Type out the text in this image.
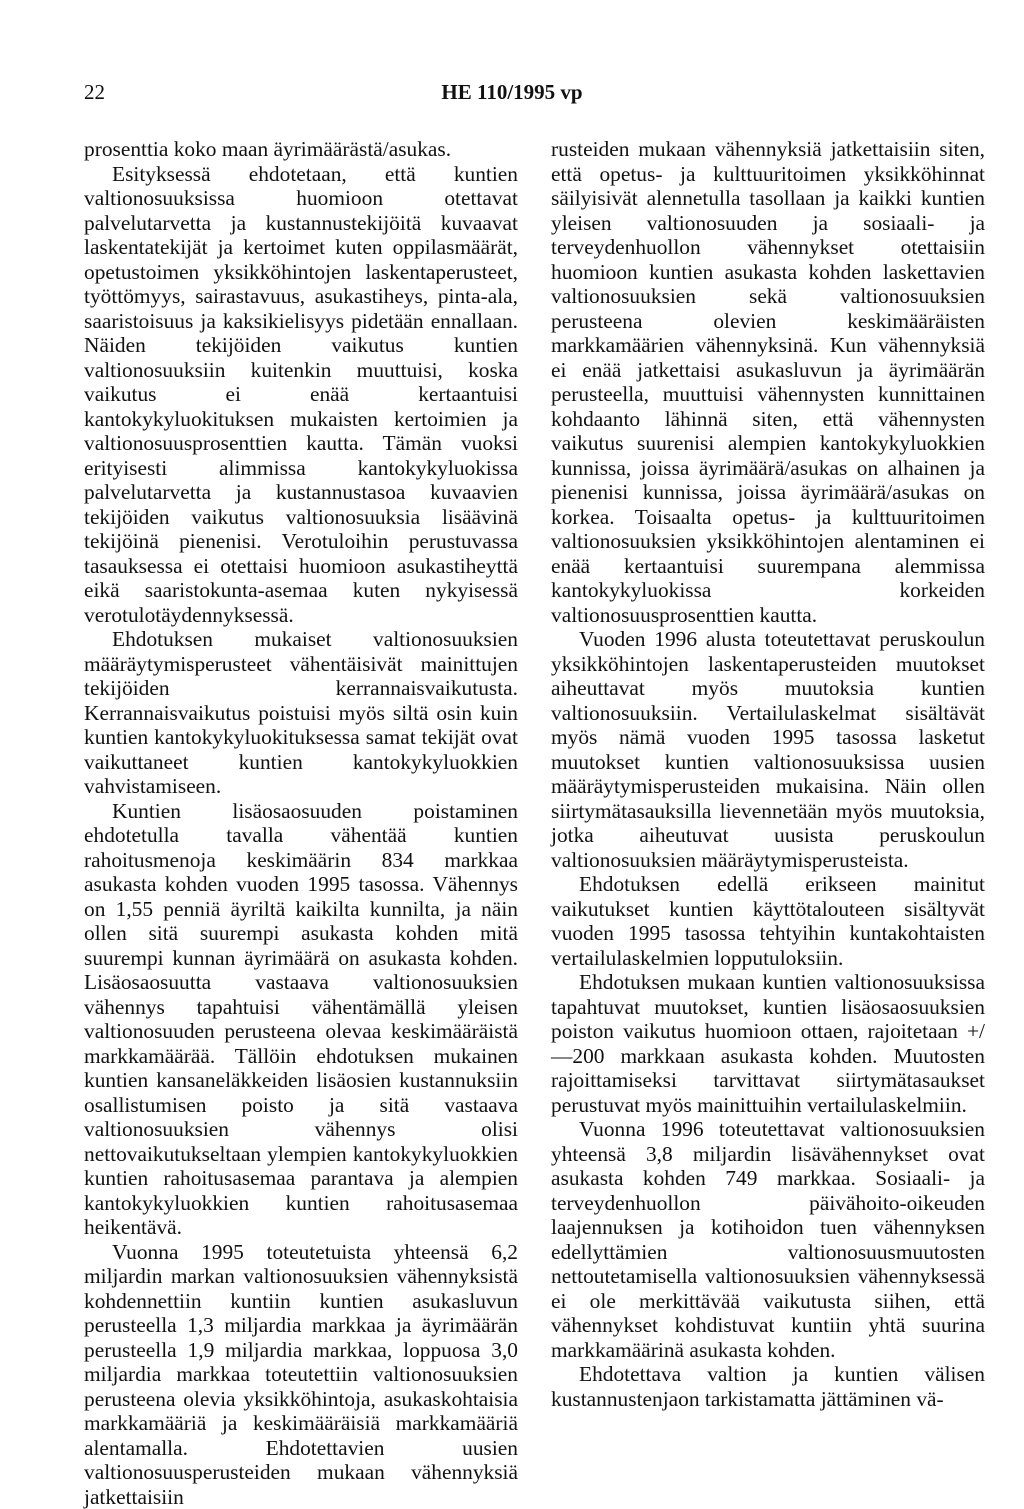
22	HE 110/1995 vp

prosenttia koko maan äyrimäärästä/asukas.

Esityksessä ehdotetaan, että kuntien valtionosuuksissa huomioon otettavat palvelutarvetta ja kustannustekijöitä kuvaavat laskentatekijät ja kertoimet kuten oppilasmäärät, opetustoimen yksikköhintojen laskentaperusteet, työttömyys, sairastavuus, asukastiheys, pinta-ala, saaristoisuus ja kaksikielisyys pidetään ennallaan. Näiden tekijöiden vaikutus kuntien valtionosuuksiin kuitenkin muuttuisi, koska vaikutus ei enää kertaantuisi kantokykyluokituksen mukaisten kertoimien ja valtionosuusprosenttien kautta. Tämän vuoksi erityisesti alimmissa kantokykyluokissa palvelutarvetta ja kustannustasoa kuvaavien tekijöiden vaikutus valtionosuuksia lisäävinä tekijöinä pienenisi. Verotuloihin perustuvassa tasauksessa ei otettaisi huomioon asukastiheyttä eikä saaristokunta-asemaa kuten nykyisessä verotulotäydennyksessä.

Ehdotuksen mukaiset valtionosuuksien määräytymisperusteet vähentäisivät mainittujen tekijöiden kerrannaisvaikutusta. Kerrannaisvaikutus poistuisi myös siltä osin kuin kuntien kantokykyluokituksessa samat tekijät ovat vaikuttaneet kuntien kantokykyluokkien vahvistamiseen.

Kuntien lisäosaosuuden poistaminen ehdotetulla tavalla vähentää kuntien rahoitusmenoja keskimäärin 834 markkaa asukasta kohden vuoden 1995 tasossa. Vähennys on 1,55 penniä äyriltä kaikilta kunnilta, ja näin ollen sitä suurempi asukasta kohden mitä suurempi kunnan äyrimäärä on asukasta kohden. Lisäosaosuutta vastaava valtionosuuksien vähennys tapahtuisi vähentämällä yleisen valtionosuuden perusteena olevaa keskimääräistä markkamäärää. Tällöin ehdotuksen mukainen kuntien kansaneläkkeiden lisäosien kustannuksiin osallistumisen poisto ja sitä vastaava valtionosuuksien vähennys olisi nettovaikutukseltaan ylempien kantokykyluokkien kuntien rahoitusasemaa parantava ja alempien kantokykyluokkien kuntien rahoitusasemaa heikentävä.

Vuonna 1995 toteutetuista yhteensä 6,2 miljardin markan valtionosuuksien vähennyksistä kohdennettiin kuntiin kuntien asukasluvun perusteella 1,3 miljardia markkaa ja äyrimäärän perusteella 1,9 miljardia markkaa, loppuosa 3,0 miljardia markkaa toteutettiin valtionosuuksien perusteena olevia yksikköhintoja, asukaskohtaisia markkamääriä ja keskimääräisiä markkamääriä alentamalla. Ehdotettavien uusien valtionosuusperusteiden mukaan vähennyksiä jatkettaisiin

rusteiden mukaan vähennyksiä jatkettaisiin siten, että opetus- ja kulttuuritoimen yksikköhinnat säilyisivät alennetulla tasollaan ja kaikki kuntien yleisen valtionosuuden ja sosiaali- ja terveydenhuollon vähennykset otettaisiin huomioon kuntien asukasta kohden laskettavien valtionosuuksien sekä valtionosuuksien perusteena olevien keskimääräisten markkamäärien vähennyksinä. Kun vähennyksiä ei enää jatkettaisi asukasluvun ja äyrimäärän perusteella, muuttuisi vähennysten kunnittainen kohdaanto lähinnä siten, että vähennysten vaikutus suurenisi alempien kantokykyluokkien kunnissa, joissa äyrimäärä/asukas on alhainen ja pienenisi kunnissa, joissa äyrimäärä/asukas on korkea. Toisaalta opetus- ja kulttuuritoimen valtionosuuksien yksikköhintojen alentaminen ei enää kertaantuisi suurempana alemmissa kantokykyluokissa korkeiden valtionosuusprosenttien kautta.

Vuoden 1996 alusta toteutettavat peruskoulun yksikköhintojen laskentaperusteiden muutokset aiheuttavat myös muutoksia kuntien valtionosuuksiin. Vertailulaskelmat sisältävät myös nämä vuoden 1995 tasossa lasketut muutokset kuntien valtionosuuksissa uusien määräytymisperusteiden mukaisina. Näin ollen siirtymätasauksilla lievennetään myös muutoksia, jotka aiheutuvat uusista peruskoulun valtionosuuksien määräytymisperusteista.

Ehdotuksen edellä erikseen mainitut vaikutukset kuntien käyttötalouteen sisältyvät vuoden 1995 tasossa tehtyihin kuntakohtaisten vertailulaskelmien lopputuloksiin.

Ehdotuksen mukaan kuntien valtionosuuksissa tapahtuvat muutokset, kuntien lisäosaosuuksien poiston vaikutus huomioon ottaen, rajoitetaan +/—200 markkaan asukasta kohden. Muutosten rajoittamiseksi tarvittavat siirtymätasaukset perustuvat myös mainittuihin vertailulaskelmiin.

Vuonna 1996 toteutettavat valtionosuuksien yhteensä 3,8 miljardin lisävähennykset ovat asukasta kohden 749 markkaa. Sosiaali- ja terveydenhuollon päivähoito-oikeuden laajennuksen ja kotihoidon tuen vähennyksen edellyttämien valtionosuusmuutosten nettoutetamisella valtionosuuksien vähennyksessä ei ole merkittävää vaikutusta siihen, että vähennykset kohdistuvat kuntiin yhtä suurina markkamäärinä asukasta kohden.

Ehdotettava valtion ja kuntien välisen kustannustenjaon tarkistamatta jättäminen vä-
